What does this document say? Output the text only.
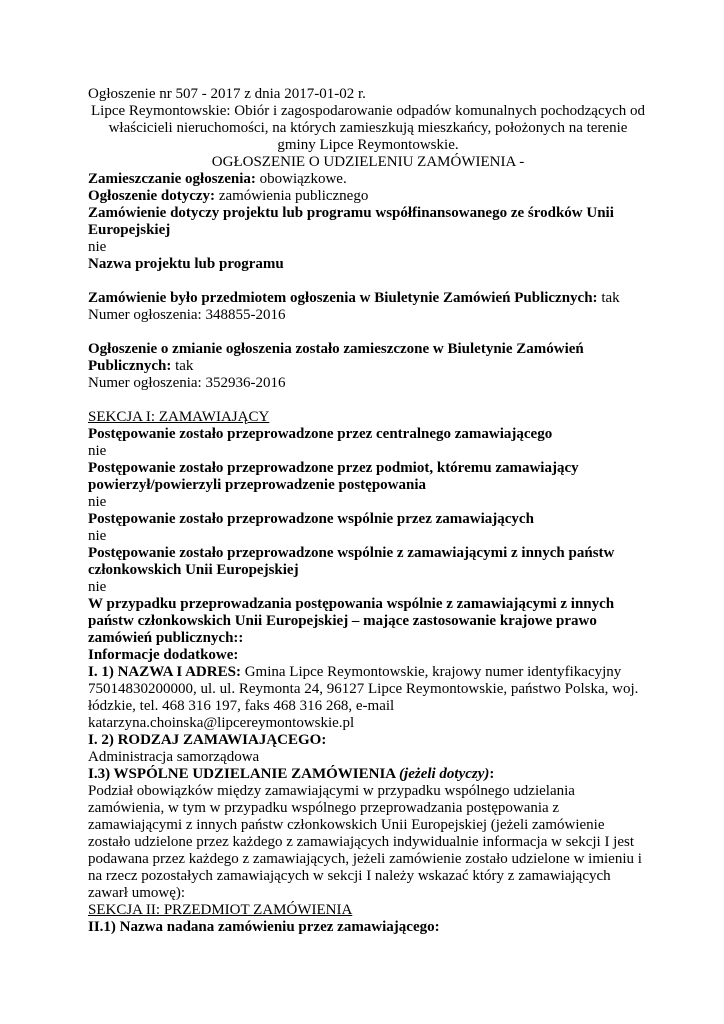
Ogłoszenie nr 507 - 2017 z dnia 2017-01-02 r.

Lipce Reymontowskie: Obiór i zagospodarowanie odpadów komunalnych pochodzących od właścicieli nieruchomości, na których zamieszkują mieszkańcy, położonych na terenie gminy Lipce Reymontowskie.

OGŁOSZENIE O UDZIELENIU ZAMÓWIENIA -

Zamieszczanie ogłoszenia: obowiązkowe.

Ogłoszenie dotyczy: zamówienia publicznego

Zamówienie dotyczy projektu lub programu współfinansowanego ze środków Unii Europejskiej

nie

Nazwa projektu lub programu

Zamówienie było przedmiotem ogłoszenia w Biuletynie Zamówień Publicznych: tak

Numer ogłoszenia: 348855-2016

Ogłoszenie o zmianie ogłoszenia zostało zamieszczone w Biuletynie Zamówień Publicznych: tak

Numer ogłoszenia: 352936-2016

SEKCJA I: ZAMAWIAJĄCY

Postępowanie zostało przeprowadzone przez centralnego zamawiającego

nie

Postępowanie zostało przeprowadzone przez podmiot, któremu zamawiający powierzył/powierzyli przeprowadzenie postępowania

nie

Postępowanie zostało przeprowadzone wspólnie przez zamawiających

nie

Postępowanie zostało przeprowadzone wspólnie z zamawiającymi z innych państw członkowskich Unii Europejskiej

nie

W przypadku przeprowadzania postępowania wspólnie z zamawiającymi z innych państw członkowskich Unii Europejskiej – mające zastosowanie krajowe prawo zamówień publicznych::

Informacje dodatkowe:

I. 1) NAZWA I ADRES: Gmina Lipce Reymontowskie, krajowy numer identyfikacyjny 75014830200000, ul. ul. Reymonta 24, 96127 Lipce Reymontowskie, państwo Polska, woj. łódzkie, tel. 468 316 197, faks 468 316 268, e-mail katarzyna.choinska@lipcereymontowskie.pl

I. 2) RODZAJ ZAMAWIAJĄCEGO:

Administracja samorządowa

I.3) WSPÓLNE UDZIELANIE ZAMÓWIENIA (jeżeli dotyczy):

Podział obowiązków między zamawiającymi w przypadku wspólnego udzielania zamówienia, w tym w przypadku wspólnego przeprowadzania postępowania z zamawiającymi z innych państw członkowskich Unii Europejskiej (jeżeli zamówienie zostało udzielone przez każdego z zamawiających indywidualnie informacja w sekcji I jest podawana przez każdego z zamawiających, jeżeli zamówienie zostało udzielone w imieniu i na rzecz pozostałych zamawiających w sekcji I należy wskazać który z zamawiających zawarł umowę):

SEKCJA II: PRZEDMIOT ZAMÓWIENIA

II.1) Nazwa nadana zamówieniu przez zamawiającego:
